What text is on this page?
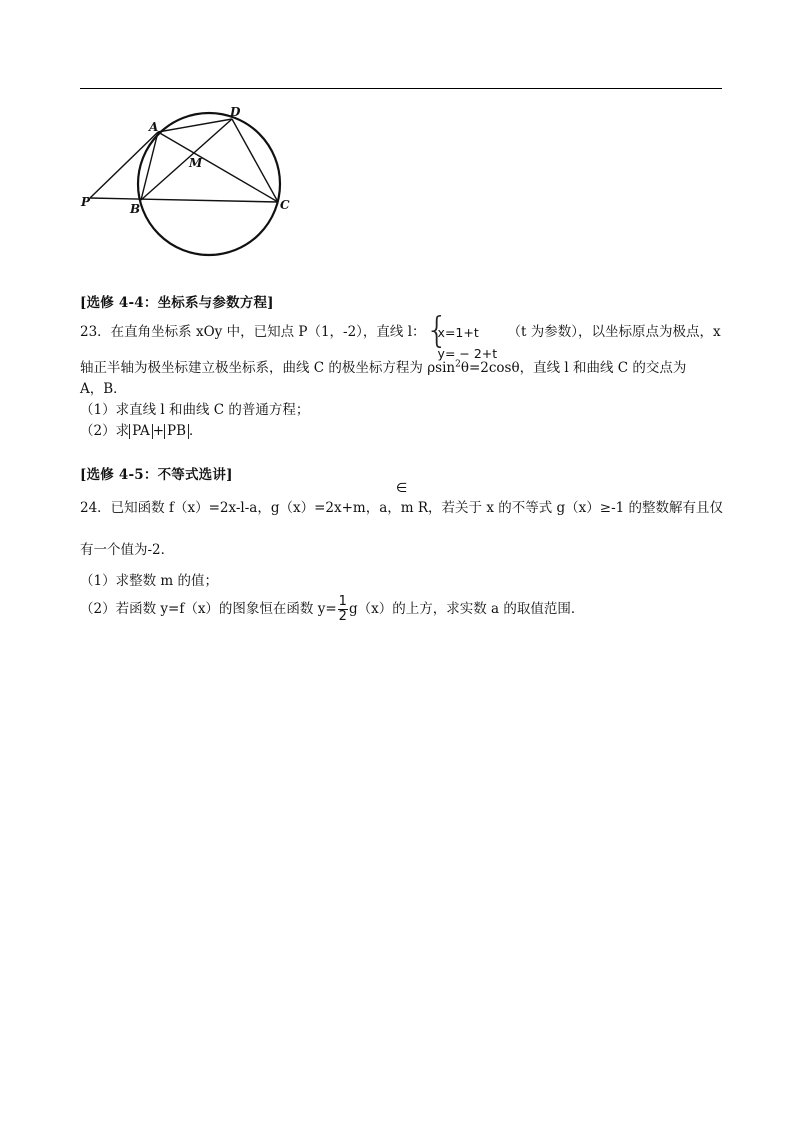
A
B	C
D
M
P
[选修 4-4：坐标系与参数方程]
23．在直角坐标系 xOy 中，已知点 P（1，-2），直线 l： {
x=1+t
y= − 2+t
（t 为参数），以坐标原点为极点，x
轴正半轴为极坐标建立极坐标系，曲线 C 的极坐标方程为 ρsin$^2$θ=2cosθ，直线 l 和曲线 C 的交点为
A，B．
（1）求直线 l 和曲线 C 的普通方程；
（2）求 PA + PB ．
[选修 4-5：不等式选讲]
∈
24．已知函数 f（x）=2x-l-a，g（x）=2x+m，a，m R，若关于 x 的不等式 g（x）≥-1 的整数解有且仅
有一个值为-2．
（1）求整数 m 的值；
（2）若函数 y=f（x）的图象恒在函数 $y= \frac{1}{2} g(x)$的上方，求实数 a 的取值范围．
